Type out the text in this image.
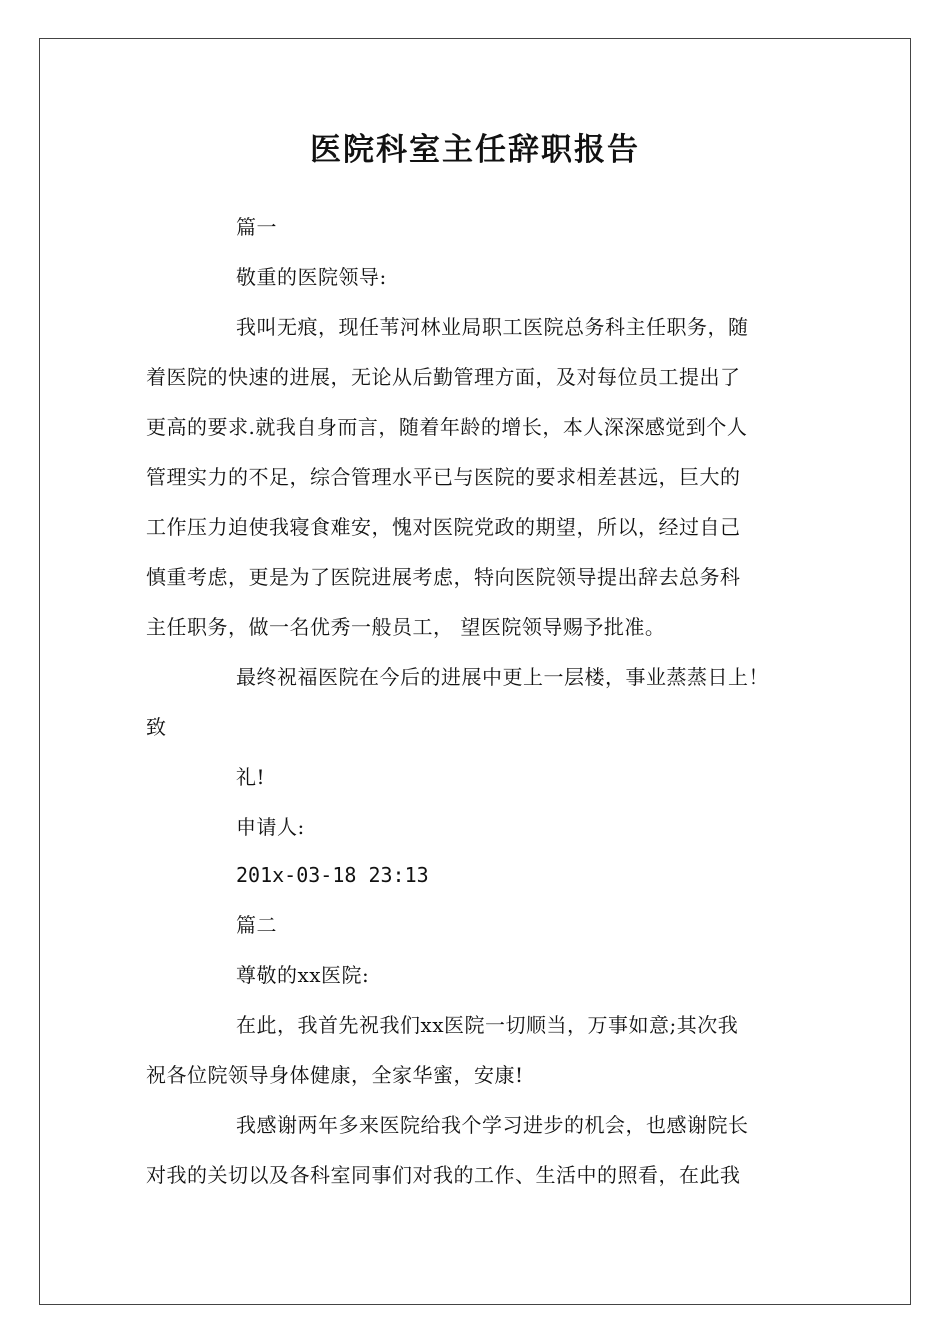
医院科室主任辞职报告
篇一
敬重的医院领导:
我叫无痕，现任苇河林业局职工医院总务科主任职务，随
着医院的快速的进展，无论从后勤管理方面，及对每位员工提出了
更高的要求.就我自身而言，随着年龄的增长，本人深深感觉到个人
管理实力的不足，综合管理水平已与医院的要求相差甚远，巨大的
工作压力迫使我寝食难安，愧对医院党政的期望，所以，经过自己
慎重考虑，更是为了医院进展考虑，特向医院领导提出辞去总务科
主任职务，做一名优秀一般员工， 望医院领导赐予批准。
最终祝福医院在今后的进展中更上一层楼，事业蒸蒸日上！
致
礼!
申请人:
201x-03-18 23:13
篇二
尊敬的xx医院:
在此，我首先祝我们xx医院一切顺当，万事如意;其次我
祝各位院领导身体健康，全家华蜜，安康!
我感谢两年多来医院给我个学习进步的机会，也感谢院长
对我的关切以及各科室同事们对我的工作、生活中的照看，在此我
